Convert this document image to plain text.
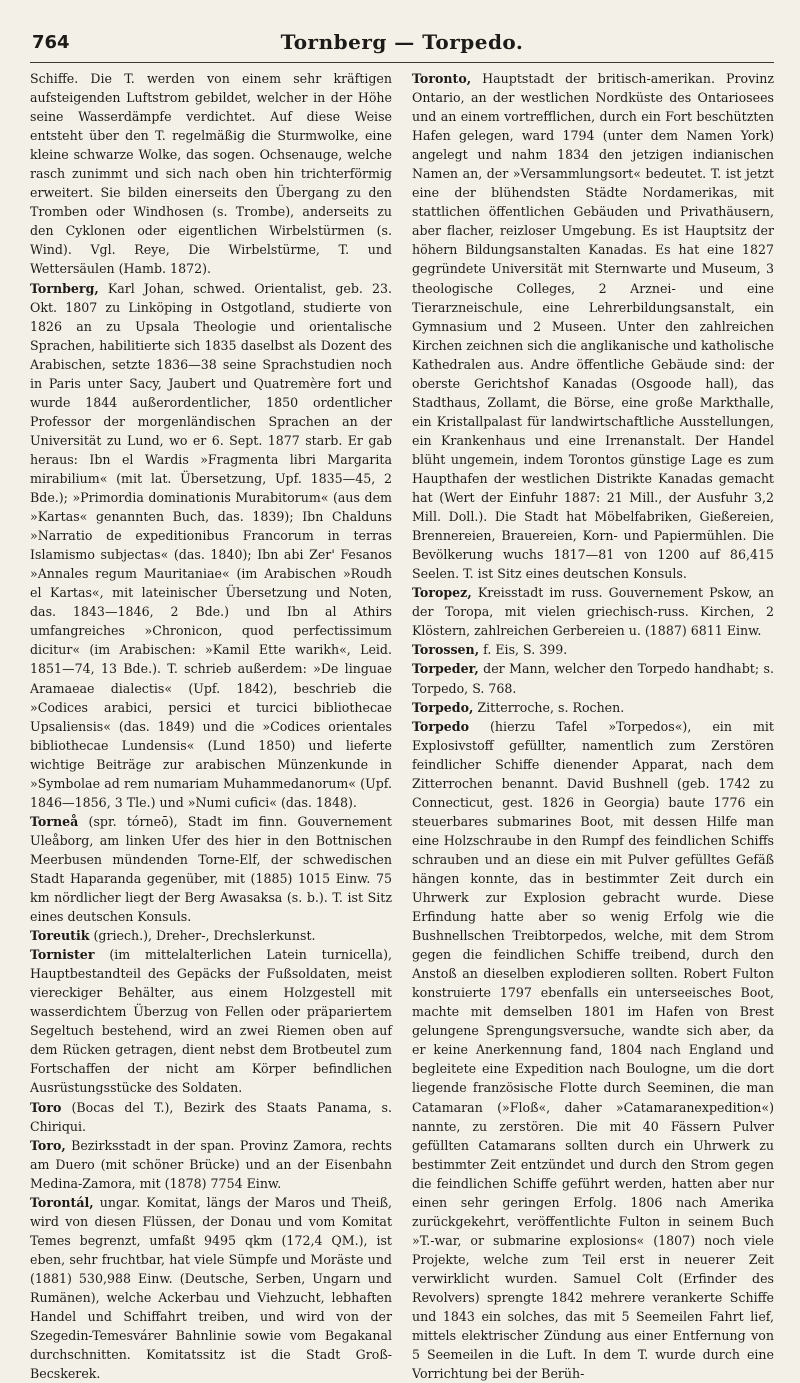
764	Tornberg — Torpedo.

Schiffe. Die T. werden von einem sehr kräftigen aufsteigenden Luftstrom gebildet, welcher in der Höhe seine Wasserdämpfe verdichtet. Auf diese Weise entsteht über den T. regelmäßig die Sturmwolke, eine kleine schwarze Wolke, das sogen. Ochsenauge, welche rasch zunimmt und sich nach oben hin trichterförmig erweitert. Sie bilden einerseits den Übergang zu den Tromben oder Windhosen (s. Trombe), anderseits zu den Cyklonen oder eigentlichen Wirbelstürmen (s. Wind). Vgl. Reye, Die Wirbelstürme, T. und Wettersäulen (Hamb. 1872).

Tornberg, Karl Johan, schwed. Orientalist, geb. 23. Okt. 1807 zu Linköping in Ostgotland, studierte von 1826 an zu Upsala Theologie und orientalische Sprachen, habilitierte sich 1835 daselbst als Dozent des Arabischen, setzte 1836—38 seine Sprachstudien noch in Paris unter Sacy, Jaubert und Quatremère fort und wurde 1844 außerordentlicher, 1850 ordentlicher Professor der morgenländischen Sprachen an der Universität zu Lund, wo er 6. Sept. 1877 starb. Er gab heraus: Ibn el Wardis »Fragmenta libri Margarita mirabilium« (mit lat. Übersetzung, Upf. 1835—45, 2 Bde.); »Primordia dominationis Murabitorum« (aus dem »Kartas« genannten Buch, das. 1839); Ibn Chalduns »Narratio de expeditionibus Francorum in terras Islamismo subjectas« (das. 1840); Ibn abi Zer' Fesanos »Annales regum Mauritaniae« (im Arabischen »Roudh el Kartas«, mit lateinischer Übersetzung und Noten, das. 1843—1846, 2 Bde.) und Ibn al Athirs umfangreiches »Chronicon, quod perfectissimum dicitur« (im Arabischen: »Kamil Ette warikh«, Leid. 1851—74, 13 Bde.). T. schrieb außerdem: »De linguae Aramaeae dialectis« (Upf. 1842), beschrieb die »Codices arabici, persici et turcici bibliothecae Upsaliensis« (das. 1849) und die »Codices orientales bibliothecae Lundensis« (Lund 1850) und lieferte wichtige Beiträge zur arabischen Münzenkunde in »Symbolae ad rem numariam Muhammedanorum« (Upf. 1846—1856, 3 Tle.) und »Numi cufici« (das. 1848).

Torneå (spr. tórneō), Stadt im finn. Gouvernement Uleåborg, am linken Ufer des hier in den Bottnischen Meerbusen mündenden Torne-Elf, der schwedischen Stadt Haparanda gegenüber, mit (1885) 1015 Einw. 75 km nördlicher liegt der Berg Awasaksa (s. b.). T. ist Sitz eines deutschen Konsuls.

Toreutik (griech.), Dreher-, Drechslerkunst.

Tornister (im mittelalterlichen Latein turnicella), Hauptbestandteil des Gepäcks der Fußsoldaten, meist viereckiger Behälter, aus einem Holzgestell mit wasserdichtem Überzug von Fellen oder präpariertem Segeltuch bestehend, wird an zwei Riemen oben auf dem Rücken getragen, dient nebst dem Brotbeutel zum Fortschaffen der nicht am Körper befindlichen Ausrüstungsstücke des Soldaten.

Toro (Bocas del T.), Bezirk des Staats Panama, s. Chiriqui.

Toro, Bezirksstadt in der span. Provinz Zamora, rechts am Duero (mit schöner Brücke) und an der Eisenbahn Medina-Zamora, mit (1878) 7754 Einw.

Torontál, ungar. Komitat, längs der Maros und Theiß, wird von diesen Flüssen, der Donau und vom Komitat Temes begrenzt, umfaßt 9495 qkm (172,4 QM.), ist eben, sehr fruchtbar, hat viele Sümpfe und Moräste und (1881) 530,988 Einw. (Deutsche, Serben, Ungarn und Rumänen), welche Ackerbau und Viehzucht, lebhaften Handel und Schiffahrt treiben, und wird von der Szegedin-Temesvárer Bahnlinie sowie vom Begakanal durchschnitten. Komitatssitz ist die Stadt Groß-Becskerek.

Toronto, Hauptstadt der britisch-amerikan. Provinz Ontario, an der westlichen Nordküste des Ontariosees und an einem vortrefflichen, durch ein Fort beschützten Hafen gelegen, ward 1794 (unter dem Namen York) angelegt und nahm 1834 den jetzigen indianischen Namen an, der »Versammlungsort« bedeutet. T. ist jetzt eine der blühendsten Städte Nordamerikas, mit stattlichen öffentlichen Gebäuden und Privathäusern, aber flacher, reizloser Umgebung. Es ist Hauptsitz der höhern Bildungsanstalten Kanadas. Es hat eine 1827 gegründete Universität mit Sternwarte und Museum, 3 theologische Colleges, 2 Arznei- und eine Tierarzneischule, eine Lehrerbildungsanstalt, ein Gymnasium und 2 Museen. Unter den zahlreichen Kirchen zeichnen sich die anglikanische und katholische Kathedralen aus. Andre öffentliche Gebäude sind: der oberste Gerichtshof Kanadas (Osgoode hall), das Stadthaus, Zollamt, die Börse, eine große Markthalle, ein Kristallpalast für landwirtschaftliche Ausstellungen, ein Krankenhaus und eine Irrenanstalt. Der Handel blüht ungemein, indem Torontos günstige Lage es zum Haupthafen der westlichen Distrikte Kanadas gemacht hat (Wert der Einfuhr 1887: 21 Mill., der Ausfuhr 3,2 Mill. Doll.). Die Stadt hat Möbelfabriken, Gießereien, Brennereien, Brauereien, Korn- und Papiermühlen. Die Bevölkerung wuchs 1817—81 von 1200 auf 86,415 Seelen. T. ist Sitz eines deutschen Konsuls.

Toropez, Kreisstadt im russ. Gouvernement Pskow, an der Toropa, mit vielen griechisch-russ. Kirchen, 2 Klöstern, zahlreichen Gerbereien u. (1887) 6811 Einw.

Torossen, f. Eis, S. 399.

Torpeder, der Mann, welcher den Torpedo handhabt; s. Torpedo, S. 768.

Torpedo, Zitterroche, s. Rochen.

Torpedo (hierzu Tafel »Torpedos«), ein mit Explosivstoff gefüllter, namentlich zum Zerstören feindlicher Schiffe dienender Apparat, nach dem Zitterrochen benannt. David Bushnell (geb. 1742 zu Connecticut, gest. 1826 in Georgia) baute 1776 ein steuerbares submarines Boot, mit dessen Hilfe man eine Holzschraube in den Rumpf des feindlichen Schiffs schrauben und an diese ein mit Pulver gefülltes Gefäß hängen konnte, das in bestimmter Zeit durch ein Uhrwerk zur Explosion gebracht wurde. Diese Erfindung hatte aber so wenig Erfolg wie die Bushnellschen Treibtorpedos, welche, mit dem Strom gegen die feindlichen Schiffe treibend, durch den Anstoß an dieselben explodieren sollten. Robert Fulton konstruierte 1797 ebenfalls ein unterseeisches Boot, machte mit demselben 1801 im Hafen von Brest gelungene Sprengungsversuche, wandte sich aber, da er keine Anerkennung fand, 1804 nach England und begleitete eine Expedition nach Boulogne, um die dort liegende französische Flotte durch Seeminen, die man Catamaran (»Floß«, daher »Catamaranexpedition«) nannte, zu zerstören. Die mit 40 Fässern Pulver gefüllten Catamarans sollten durch ein Uhrwerk zu bestimmter Zeit entzündet und durch den Strom gegen die feindlichen Schiffe geführt werden, hatten aber nur einen sehr geringen Erfolg. 1806 nach Amerika zurückgekehrt, veröffentlichte Fulton in seinem Buch »T.-war, or submarine explosions« (1807) noch viele Projekte, welche zum Teil erst in neuerer Zeit verwirklicht wurden. Samuel Colt (Erfinder des Revolvers) sprengte 1842 mehrere verankerte Schiffe und 1843 ein solches, das mit 5 Seemeilen Fahrt lief, mittels elektrischer Zündung aus einer Entfernung von 5 Seemeilen in die Luft. In dem T. wurde durch eine Vorrichtung bei der Berüh-
